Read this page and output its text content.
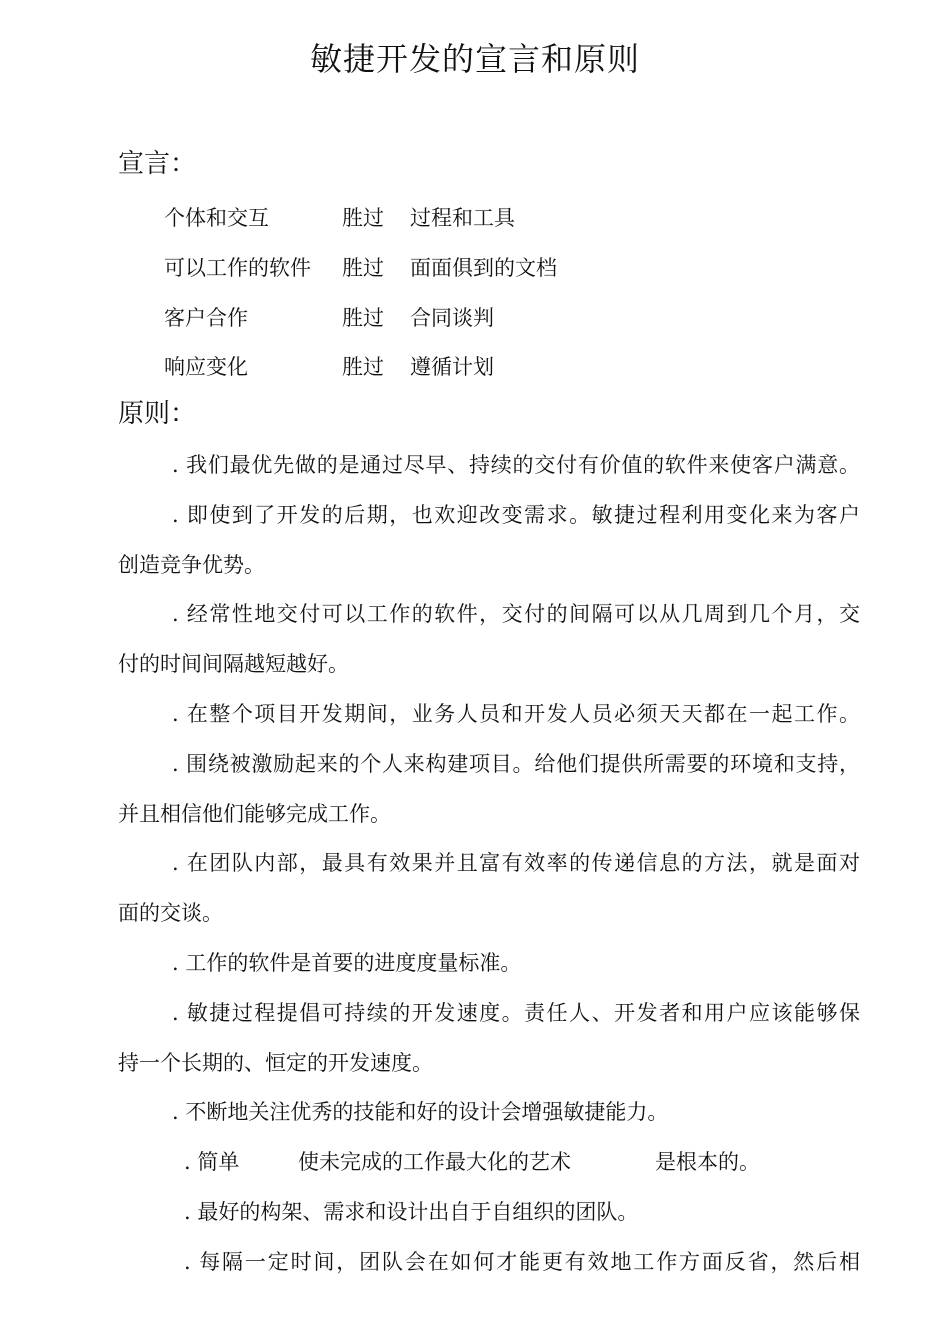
敏捷开发的宣言和原则
宣言：
个体和交互	胜过 过程和工具
可以工作的软件 胜过 面面俱到的文档
客户合作	胜过 合同谈判
响应变化	胜过 遵循计划
原则：
. 我们最优先做的是通过尽早、持续的交付有价值的软件来使客户满意。
. 即使到了开发的后期，也欢迎改变需求。敏捷过程利用变化来为客户
创造竞争优势。
. 经常性地交付可以工作的软件，交付的间隔可以从几周到几个月，交
付的时间间隔越短越好。
. 在整个项目开发期间，业务人员和开发人员必须天天都在一起工作。
. 围绕被激励起来的个人来构建项目。给他们提供所需要的环境和支持，
并且相信他们能够完成工作。
. 在团队内部，最具有效果并且富有效率的传递信息的方法，就是面对
面的交谈。
. 工作的软件是首要的进度度量标准。
. 敏捷过程提倡可持续的开发速度。责任人、开发者和用户应该能够保
持一个长期的、恒定的开发速度。
. 不断地关注优秀的技能和好的设计会增强敏捷能力。
. 简单	使未完成的工作最大化的艺术	是根本的。
. 最好的构架、需求和设计出自于自组织的团队。
. 每隔一定时间，团队会在如何才能更有效地工作方面反省，然后相
